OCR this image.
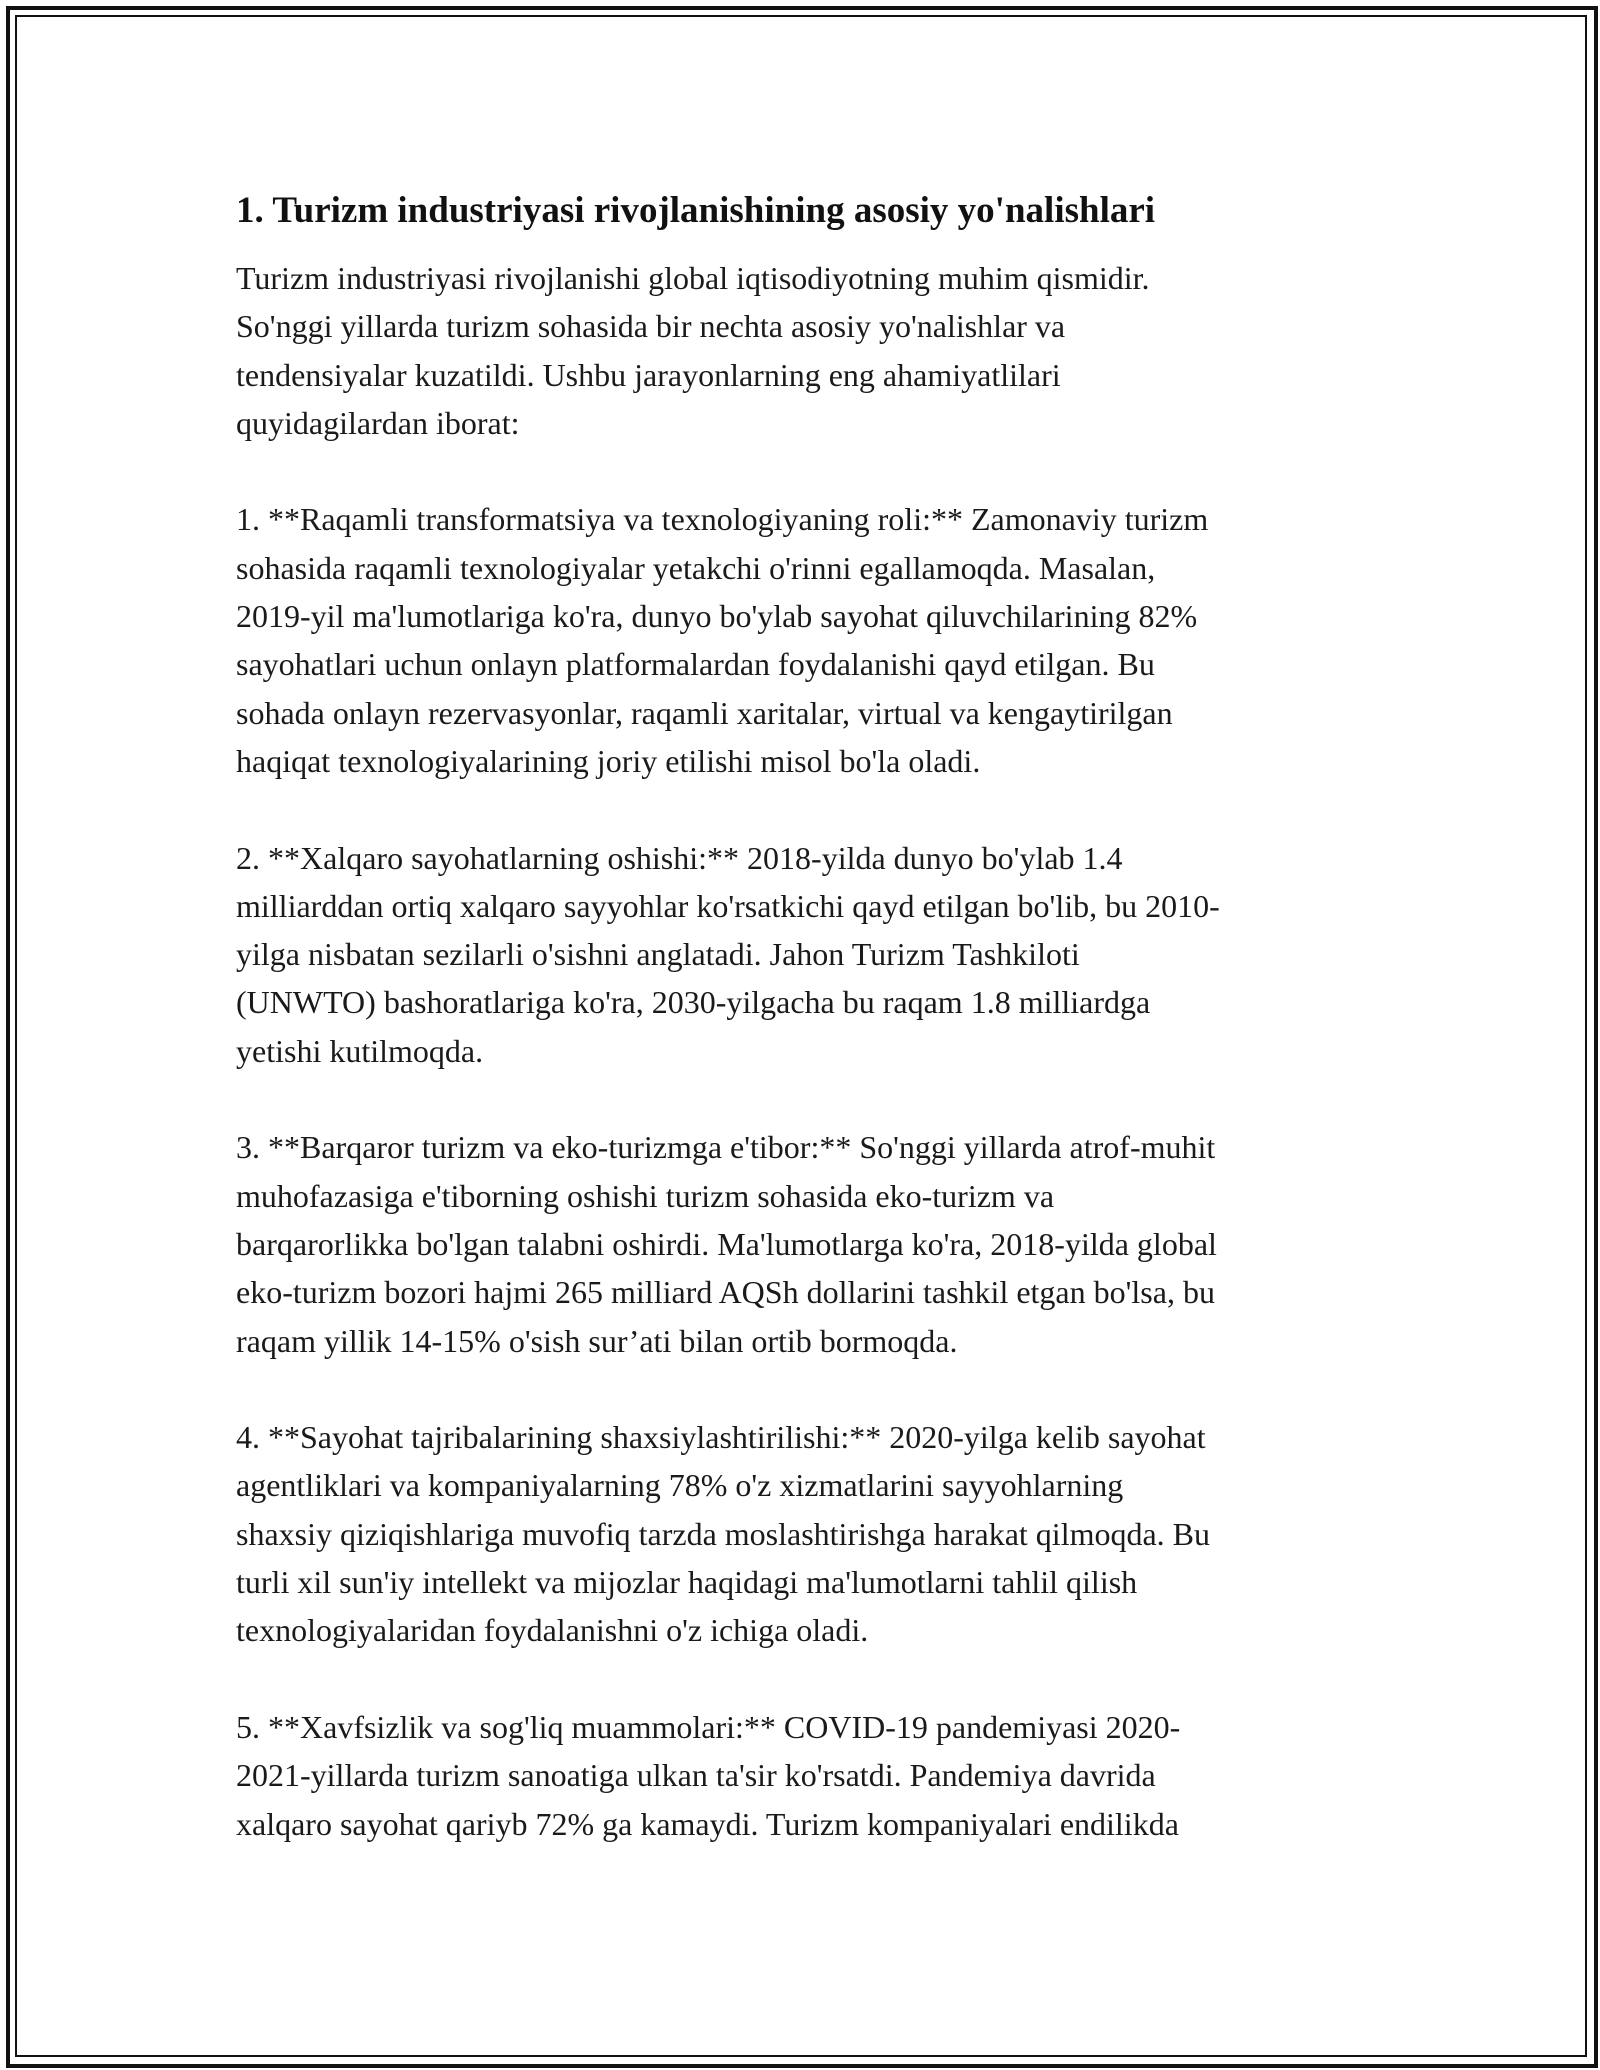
1. Turizm industriyasi rivojlanishining asosiy yo'nalishlari

Turizm industriyasi rivojlanishi global iqtisodiyotning muhim qismidir.
So'nggi yillarda turizm sohasida bir nechta asosiy yo'nalishlar va
tendensiyalar kuzatildi. Ushbu jarayonlarning eng ahamiyatlilari
quyidagilardan iborat:

1. **Raqamli transformatsiya va texnologiyaning roli:** Zamonaviy turizm
sohasida raqamli texnologiyalar yetakchi o'rinni egallamoqda. Masalan,
2019-yil ma'lumotlariga ko'ra, dunyo bo'ylab sayohat qiluvchilarining 82%
sayohatlari uchun onlayn platformalardan foydalanishi qayd etilgan. Bu
sohada onlayn rezervasyonlar, raqamli xaritalar, virtual va kengaytirilgan
haqiqat texnologiyalarining joriy etilishi misol bo'la oladi.

2. **Xalqaro sayohatlarning oshishi:** 2018-yilda dunyo bo'ylab 1.4
milliarddan ortiq xalqaro sayyohlar ko'rsatkichi qayd etilgan bo'lib, bu 2010-
yilga nisbatan sezilarli o'sishni anglatadi. Jahon Turizm Tashkiloti
(UNWTO) bashoratlariga ko'ra, 2030-yilgacha bu raqam 1.8 milliardga
yetishi kutilmoqda.

3. **Barqaror turizm va eko-turizmga e'tibor:** So'nggi yillarda atrof-muhit
muhofazasiga e'tiborning oshishi turizm sohasida eko-turizm va
barqarorlikka bo'lgan talabni oshirdi. Ma'lumotlarga ko'ra, 2018-yilda global
eko-turizm bozori hajmi 265 milliard AQSh dollarini tashkil etgan bo'lsa, bu
raqam yillik 14-15% o'sish sur’ati bilan ortib bormoqda.

4. **Sayohat tajribalarining shaxsiylashtirilishi:** 2020-yilga kelib sayohat
agentliklari va kompaniyalarning 78% o'z xizmatlarini sayyohlarning
shaxsiy qiziqishlariga muvofiq tarzda moslashtirishga harakat qilmoqda. Bu
turli xil sun'iy intellekt va mijozlar haqidagi ma'lumotlarni tahlil qilish
texnologiyalaridan foydalanishni o'z ichiga oladi.

5. **Xavfsizlik va sog'liq muammolari:** COVID-19 pandemiyasi 2020-
2021-yillarda turizm sanoatiga ulkan ta'sir ko'rsatdi. Pandemiya davrida
xalqaro sayohat qariyb 72% ga kamaydi. Turizm kompaniyalari endilikda
